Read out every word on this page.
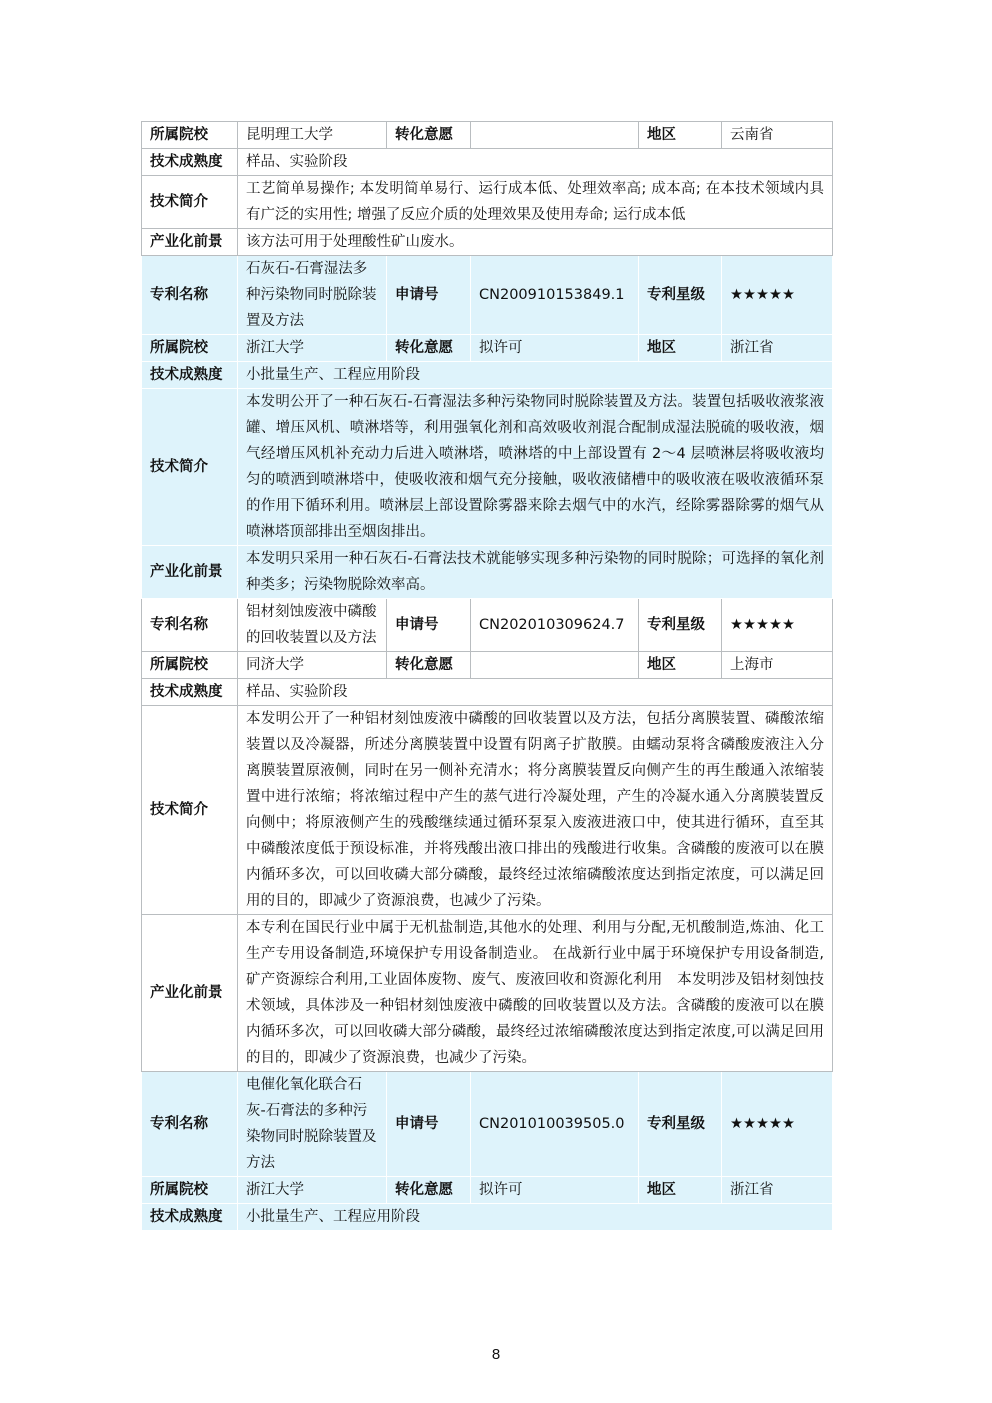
所属院校	昆明理工大学	转化意愿		地区	云南省
技术成熟度	样品、实验阶段				
技术简介	工艺简单易操作; 本发明简单易行、运行成本低、处理效率高; 成本高; 在本技术领域内具有广泛的实用性; 增强了反应介质的处理效果及使用寿命; 运行成本低				
产业化前景	该方法可用于处理酸性矿山废水。				
专利名称	石灰石-石膏湿法多种污染物同时脱除装置及方法	申请号	CN200910153849.1	专利星级	★★★★★
所属院校	浙江大学	转化意愿	拟许可	地区	浙江省
技术成熟度	小批量生产、工程应用阶段				
技术简介	本发明公开了一种石灰石-石膏湿法多种污染物同时脱除装置及方法。装置包括吸收液浆液罐、增压风机、喷淋塔等，利用强氧化剂和高效吸收剂混合配制成湿法脱硫的吸收液，烟气经增压风机补充动力后进入喷淋塔，喷淋塔的中上部设置有 2～4 层喷淋层将吸收液均匀的喷洒到喷淋塔中，使吸收液和烟气充分接触，吸收液储槽中的吸收液在吸收液循环泵的作用下循环利用。喷淋层上部设置除雾器来除去烟气中的水汽，经除雾器除雾的烟气从喷淋塔顶部排出至烟囱排出。				
产业化前景	本发明只采用一种石灰石-石膏法技术就能够实现多种污染物的同时脱除；可选择的氧化剂种类多；污染物脱除效率高。				
专利名称	铝材刻蚀废液中磷酸的回收装置以及方法	申请号	CN202010309624.7	专利星级	★★★★★
所属院校	同济大学	转化意愿		地区	上海市
技术成熟度	样品、实验阶段				
技术简介	本发明公开了一种铝材刻蚀废液中磷酸的回收装置以及方法，包括分离膜装置、磷酸浓缩装置以及冷凝器，所述分离膜装置中设置有阴离子扩散膜。由蠕动泵将含磷酸废液注入分离膜装置原液侧，同时在另一侧补充清水；将分离膜装置反向侧产生的再生酸通入浓缩装置中进行浓缩；将浓缩过程中产生的蒸气进行冷凝处理，产生的冷凝水通入分离膜装置反向侧中；将原液侧产生的残酸继续通过循环泵泵入废液进液口中，使其进行循环，直至其中磷酸浓度低于预设标准，并将残酸出液口排出的残酸进行收集。含磷酸的废液可以在膜内循环多次，可以回收磷大部分磷酸，最终经过浓缩磷酸浓度达到指定浓度，可以满足回用的目的，即减少了资源浪费，也减少了污染。				
产业化前景	本专利在国民行业中属于无机盐制造,其他水的处理、利用与分配,无机酸制造,炼油、化工生产专用设备制造,环境保护专用设备制造业。 在战新行业中属于环境保护专用设备制造,矿产资源综合利用,工业固体废物、废气、废液回收和资源化利用　本发明涉及铝材刻蚀技术领域，具体涉及一种铝材刻蚀废液中磷酸的回收装置以及方法。含磷酸的废液可以在膜内循环多次，可以回收磷大部分磷酸，最终经过浓缩磷酸浓度达到指定浓度,可以满足回用的目的，即减少了资源浪费，也减少了污染。				
专利名称	电催化氧化联合石灰-石膏法的多种污染物同时脱除装置及方法	申请号	CN201010039505.0	专利星级	★★★★★
所属院校	浙江大学	转化意愿	拟许可	地区	浙江省
技术成熟度	小批量生产、工程应用阶段				
8
